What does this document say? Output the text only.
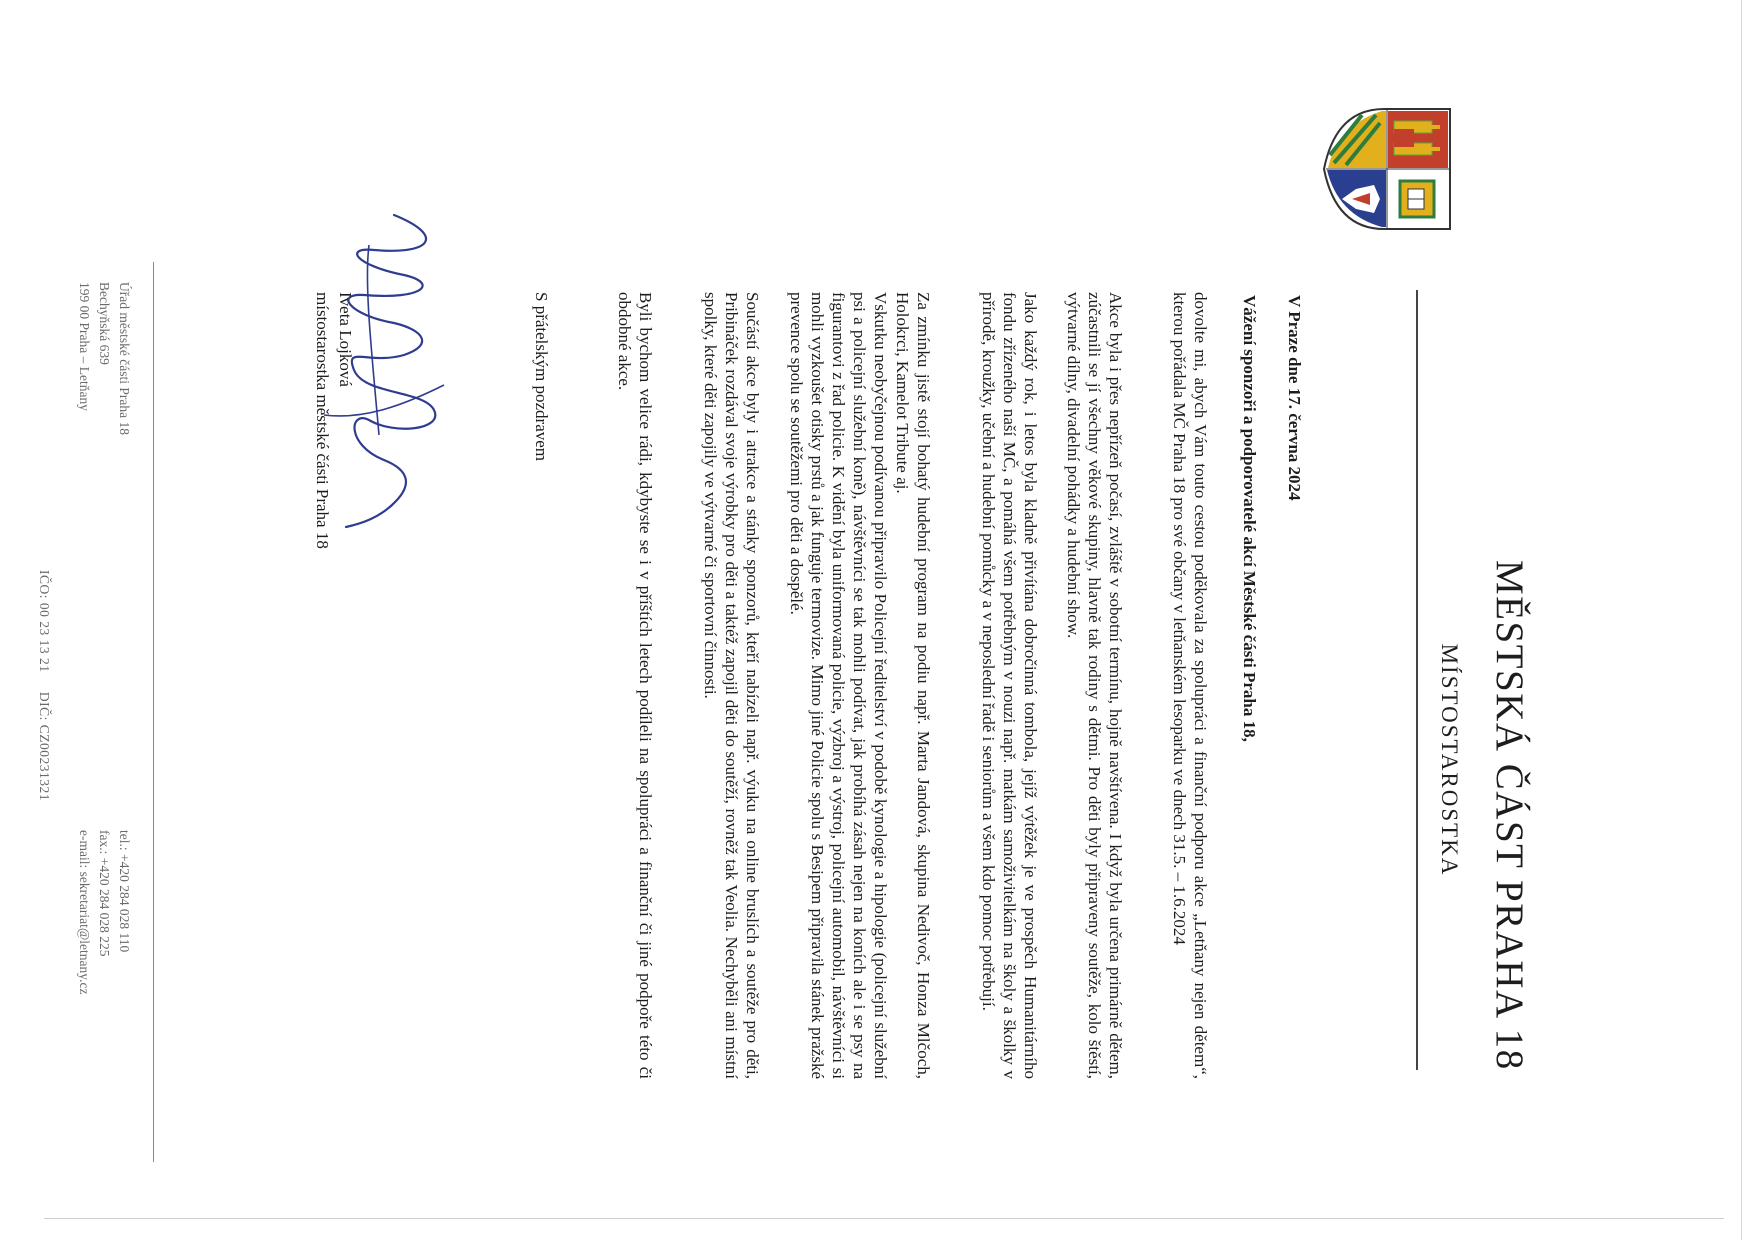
MĚSTSKÁ ČÁST PRAHA 18
MÍSTOSTAROSTKA
V Praze dne 17. června 2024
Vážení sponzoři a podporovatelé akcí Městské části Praha 18,
dovolte mi, abych Vám touto cestou poděkovala za spolupráci a finanční podporu akce „Letňany nejen dětem“, kterou pořádala MČ Praha 18 pro své občany v letňanském lesoparku ve dnech 31.5. – 1.6.2024
Akce byla i přes nepřízeň počasí, zvláště v sobotní termínu, hojně navštívena. I když byla určena primárně dětem, zúčastnili se jí všechny věkové skupiny, hlavně tak rodiny s dětmi. Pro děti byly připraveny soutěže, kolo štěstí, výtvarné dílny, divadelní pohádky a hudební show.
Jako každý rok, i letos byla kladně přivítána dobročinná tombola, jejíž výtěžek je ve prospěch Humanitárního fondu zřízeného naší MČ, a pomáhá všem potřebným v nouzi např. matkám samoživitelkám na školy a školky v přírodě, kroužky, učební a hudební pomůcky a v neposlední řadě i seniorům a všem kdo pomoc potřebují.
Za zmínku jistě stojí bohatý hudební program na podiu např. Marta Jandová, skupina Nedivoč, Honza Mlčoch, Holokrci, Kamelot Tribute aj.
Vskutku neobyčejnou podívanou připravilo Policejní ředitelství v podobě kynologie a hipologie (policejní služební psi a policejní služební koně), návštěvníci se tak mohli podívat, jak probíhá zásah nejen na koních ale i se psy na figurantovi z řad policie. K vidění byla uniformovaná policie, výzbroj a výstroj, policejní automobil, návštěvníci si mohli vyzkoušet otisky prstů a jak funguje termovize. Mimo jiné Policie spolu s Besipem připravila stánek pražské prevence spolu se soutěžemi pro děti a dospělé.
Součástí akce byly i atrakce a stánky sponzorů, kteří nabízeli např. výuku na online bruslích a soutěže pro děti, Pribináček rozdával svoje výrobky pro děti a taktéž zapojil děti do soutěží, rovněž tak Veolia. Nechyběli ani místní spolky, které děti zapojily ve výtvarné či sportovní činnosti.
Byli bychom velice rádi, kdybyste se i v příštích letech podíleli na spolupráci a finanční či jiné podpoře této či obdobné akce.
S přátelským pozdravem
Iveta Lojková
místostarostka městské části Praha 18
Úřad městské části Praha 18
Bechyňská 639
199 00 Praha – Letňany
IČO: 00 23 13 21     DIČ: CZ00231321
tel.: +420 284 028 110
fax.: +420 284 028 225
e-mail: sekretariat@letnany.cz
